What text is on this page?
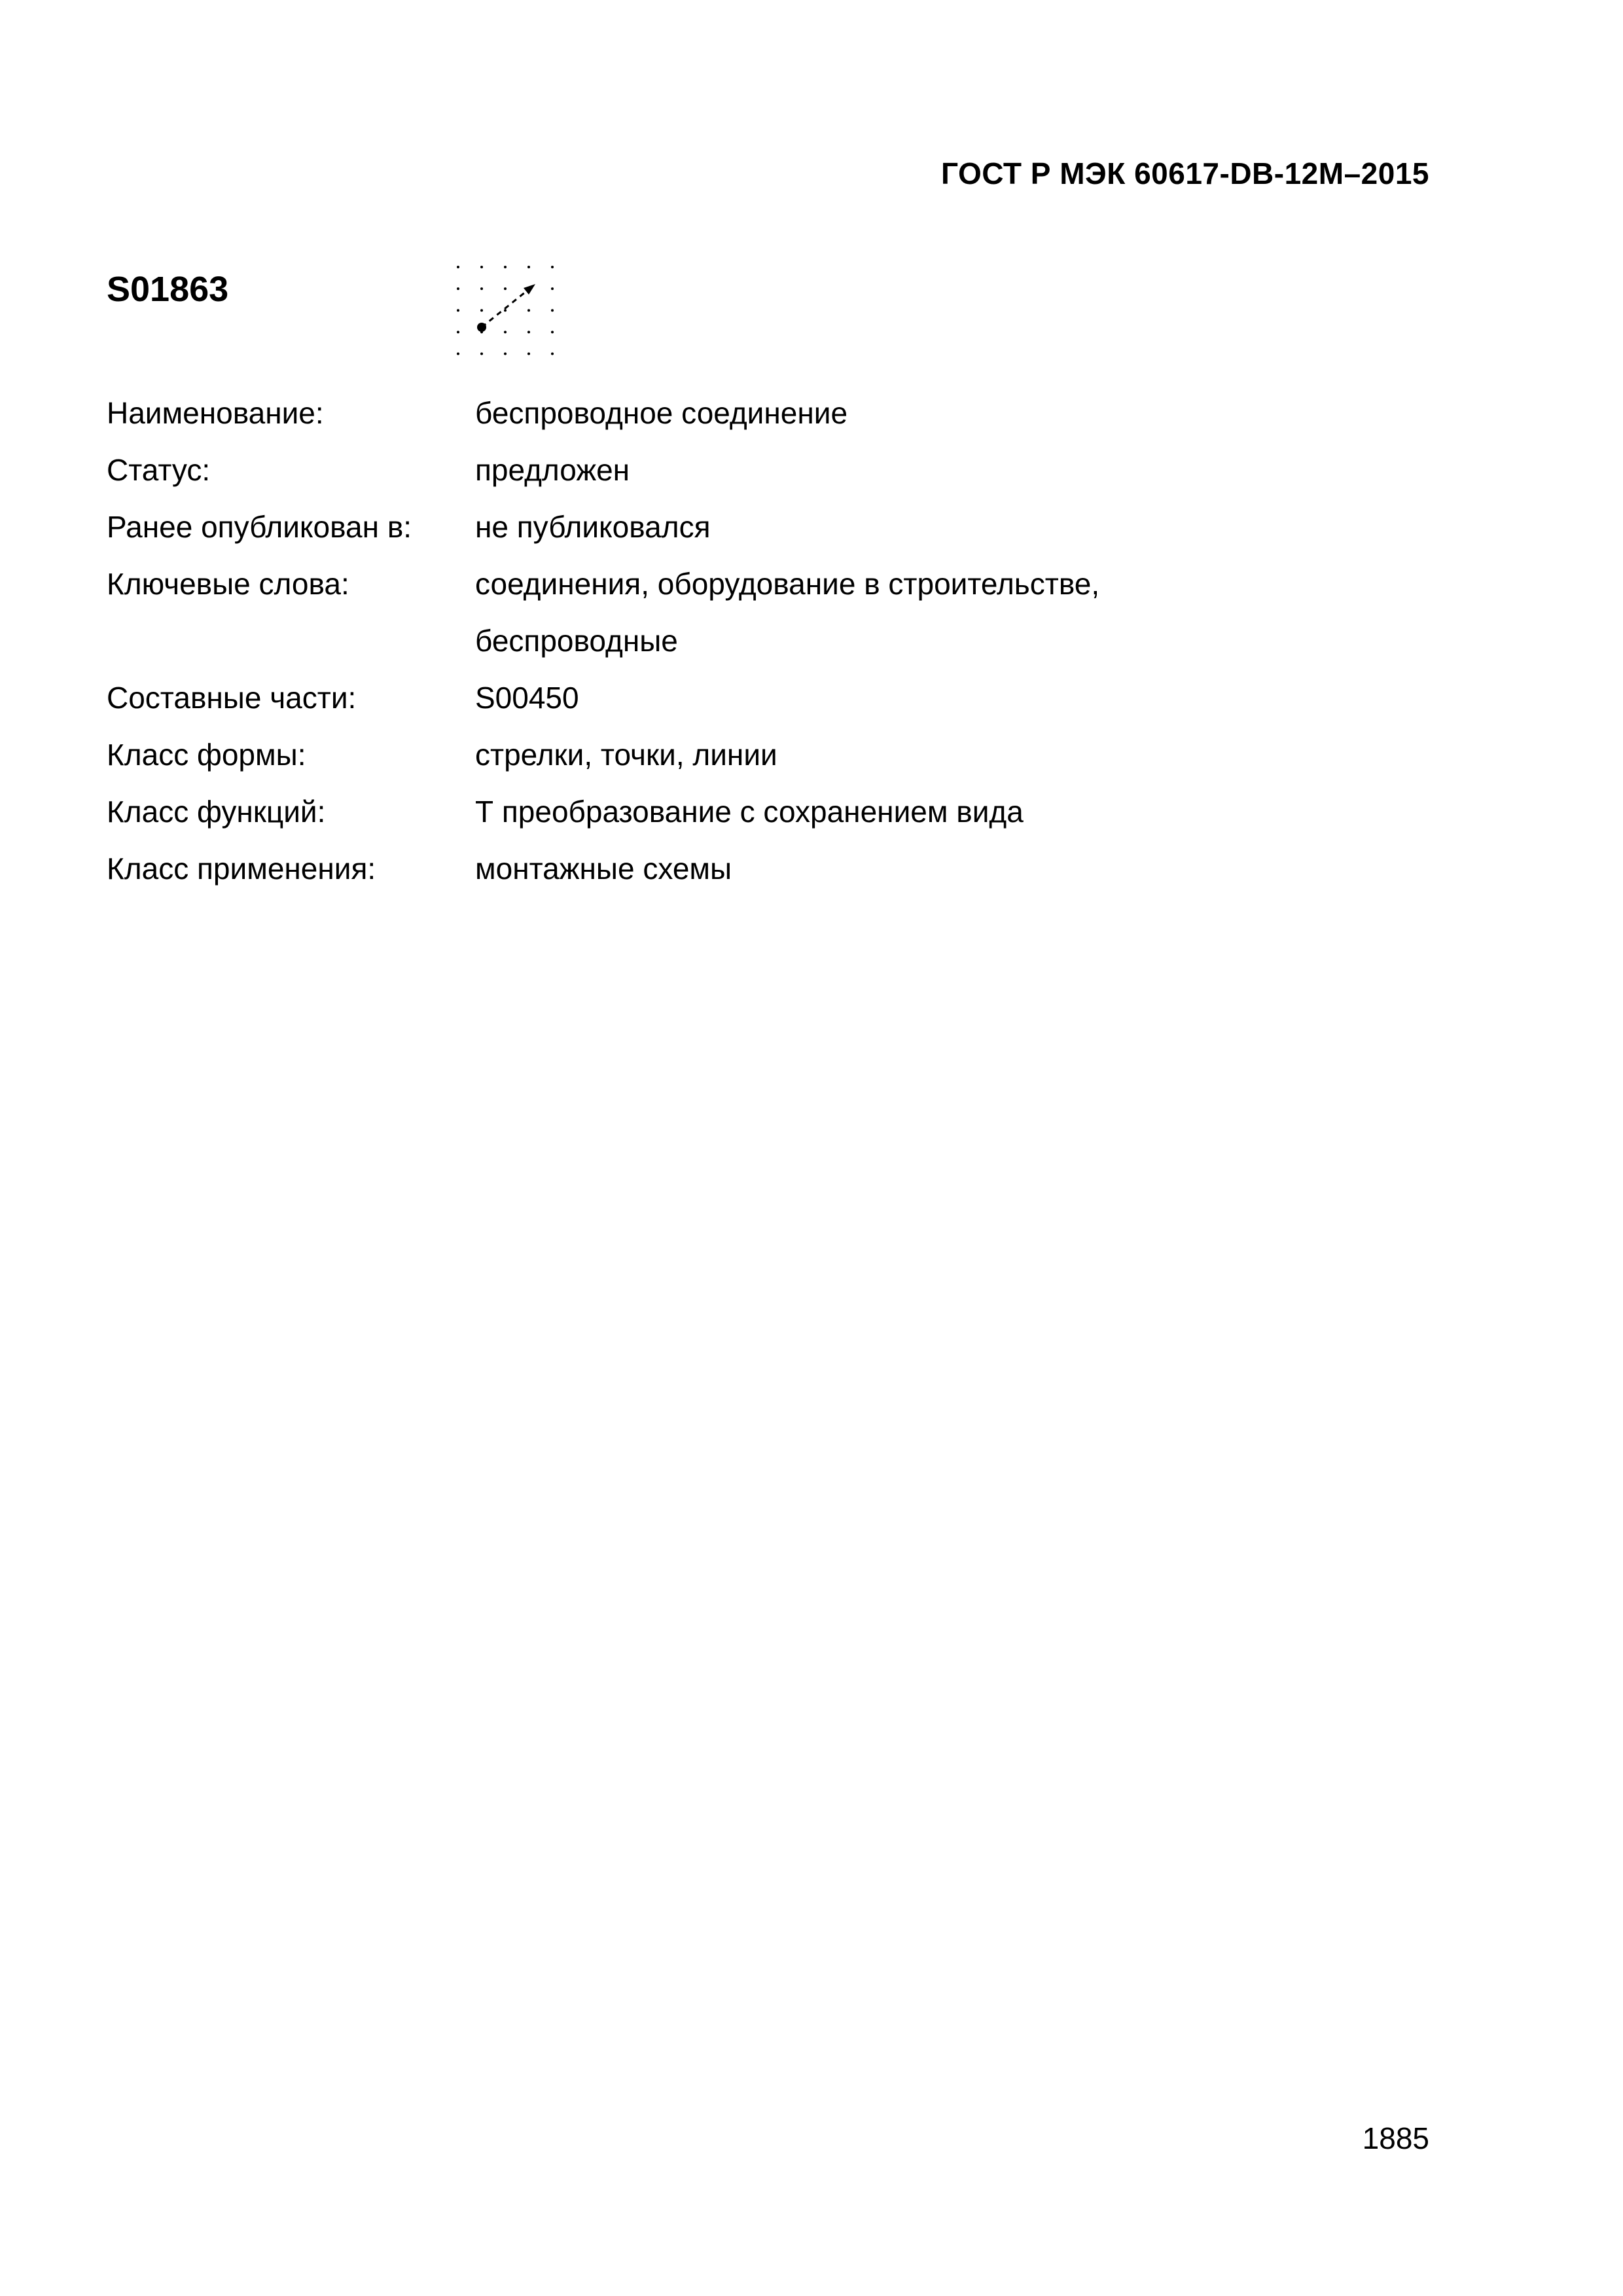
ГОСТ Р МЭК 60617-DB-12M–2015
S01863
Наименование:	беспроводное соединение
Статус:	предложен
Ранее опубликован в:	не публиковался
Ключевые слова:	соединения, оборудование в строительстве,
беспроводные
Составные части:	S00450
Класс формы:	стрелки, точки, линии
Класс функций:	Т преобразование с сохранением вида
Класс применения:	монтажные схемы
1885
